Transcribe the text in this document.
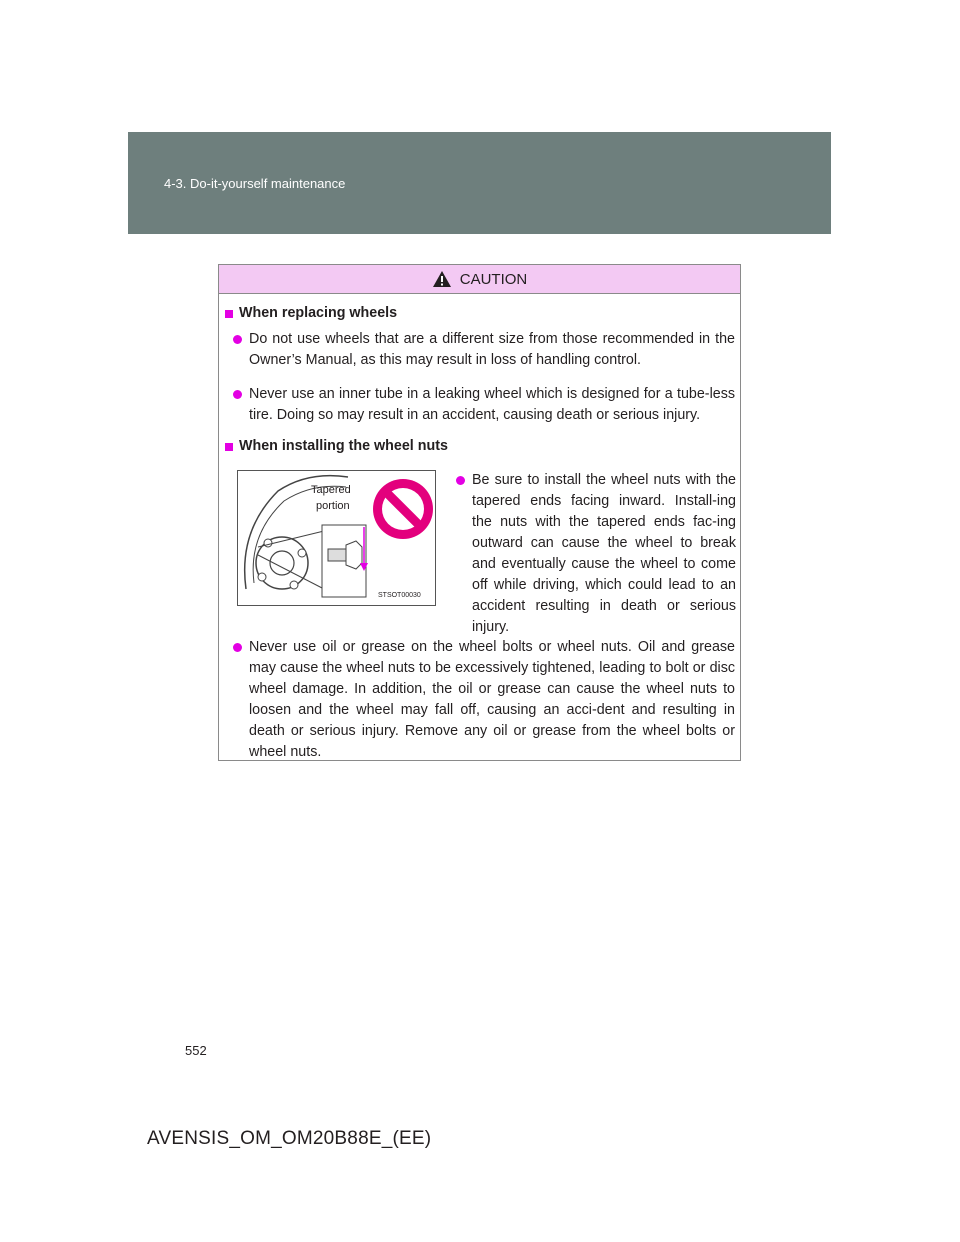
4-3. Do-it-yourself maintenance
CAUTION
When replacing wheels
Do not use wheels that are a different size from those recommended in the Owner’s Manual, as this may result in loss of handling control.
Never use an inner tube in a leaking wheel which is designed for a tube-less tire. Doing so may result in an accident, causing death or serious injury.
When installing the wheel nuts
Tapered
portion
STSOT00030
Be sure to install the wheel nuts with the tapered ends facing inward. Install-ing the nuts with the tapered ends fac-ing outward can cause the wheel to break and eventually cause the wheel to come off while driving, which could lead to an accident resulting in death or serious injury.
Never use oil or grease on the wheel bolts or wheel nuts. Oil and grease may cause the wheel nuts to be excessively tightened, leading to bolt or disc wheel damage. In addition, the oil or grease can cause the wheel nuts to loosen and the wheel may fall off, causing an acci-dent and resulting in death or serious injury. Remove any oil or grease from the wheel bolts or wheel nuts.
552
AVENSIS_OM_OM20B88E_(EE)
